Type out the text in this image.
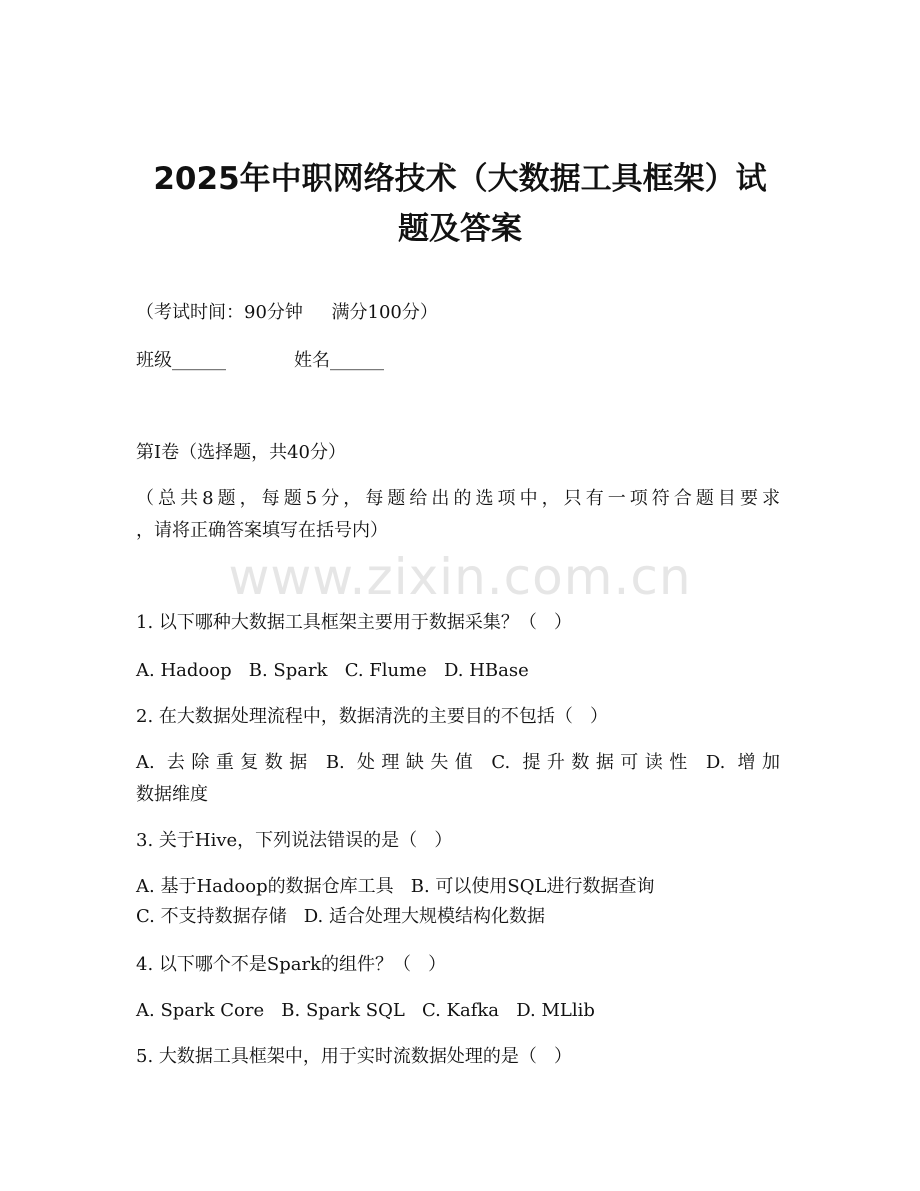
2025年中职网络技术（大数据工具框架）试
题及答案
（考试时间：90分钟     满分100分）
班级______	姓名______
第I卷（选择题，共40分）
（总共8题，每题5分，每题给出的选项中，只有一项符合题目要求
，请将正确答案填写在括号内）
www.zixin.com.cn
1. 以下哪种大数据工具框架主要用于数据采集？（   ）
A. Hadoop   B. Spark   C. Flume   D. HBase
2. 在大数据处理流程中，数据清洗的主要目的不包括（   ）
A. 去除重复数据 B. 处理缺失值 C. 提升数据可读性 D. 增加
数据维度
3. 关于Hive，下列说法错误的是（   ）
A. 基于Hadoop的数据仓库工具   B. 可以使用SQL进行数据查询
C. 不支持数据存储   D. 适合处理大规模结构化数据
4. 以下哪个不是Spark的组件？（   ）
A. Spark Core   B. Spark SQL   C. Kafka   D. MLlib
5. 大数据工具框架中，用于实时流数据处理的是（   ）
